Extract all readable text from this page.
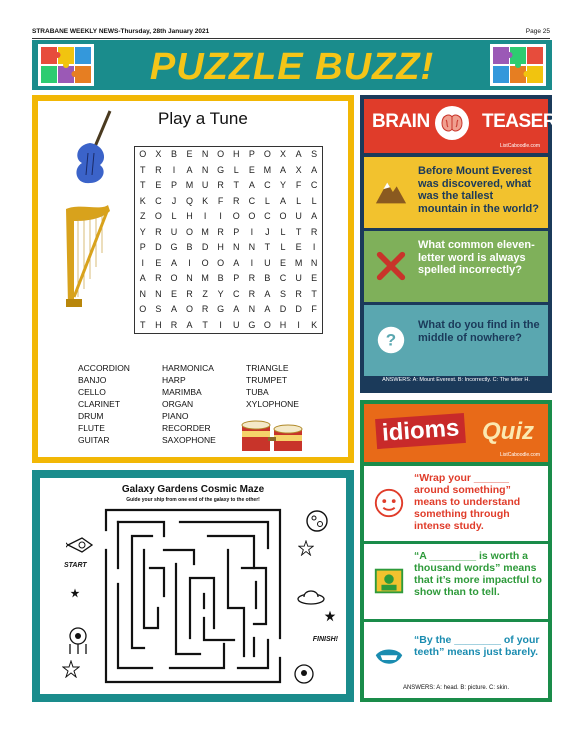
STRABANE WEEKLY NEWS-Thursday, 28th January 2021	Page 25
PUZZLE BUZZ!
Play a Tune
O	X	B	E	N O H	P	O	X	A	S
T	R	I	A	N G	L	E M A	X	A
T	E	P M U	R	T	A	C	Y	F	C
K	C	J	Q	K	F	R	C	L	A	L	L
Z	O	L	H	I	I	O O C O U	A
Y	R	U O M R	P	I	J	L	T	R
P	D G	B	D	H	N	N	T	L	E	I
I	E	A	I	O O	A	I	U	E M N
A	R O N M B	P	R	B	C	U	E
N	N	E	R	Z	Y	C	R	A	S	R	T
O	S	A	O R G	A	N	A	D	D	F
T	H	R	A	T	I	U G O H	I	K
ACCORDION
BANJO
CELLO
CLARINET
DRUM
FLUTE
GUITAR
HARMONICA
HARP
MARIMBA
ORGAN
PIANO
RECORDER
SAXOPHONE
TRIANGLE
TRUMPET
TUBA
XYLOPHONE
Galaxy Gardens Cosmic Maze
Guide your ship from one end of the galaxy to the other!
START
FINISH!
BRAIN	TEASERS
ListCaboodle.com
Before Mount Everest was discovered, what was the tallest mountain in the world?
What common eleven-letter word is always spelled incorrectly?
?
What do you find in the middle of nowhere?
ANSWERS: A: Mount Everest. B: Incorrectly. C: The letter H.
idioms Quiz
ListCaboodle.com
“Wrap your ______ around something” means to understand something through intense study.
“A ________ is worth a thousand words” means that it’s more impactful to show than to tell.
“By the ________ of your teeth” means just barely.
ANSWERS: A: head. B: picture. C: skin.
